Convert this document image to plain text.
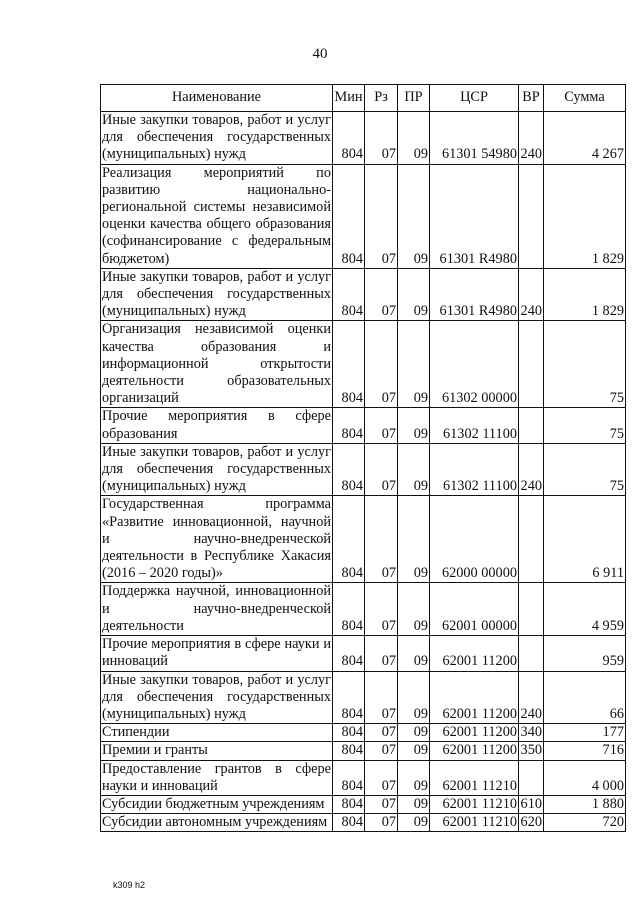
40
Наименование	Мин	Рз	ПР	ЦСР	ВР	Сумма
Иные закупки товаров, работ и услуг для обеспечения государственных (муниципальных) нужд	804	07	09	61301 54980	240	4 267
Реализация мероприятий по развитию национально-региональной системы независимой оценки качества общего образования (софинансирование с федеральным бюджетом)	804	07	09	61301 R4980		1 829
Иные закупки товаров, работ и услуг для обеспечения государственных (муниципальных) нужд	804	07	09	61301 R4980	240	1 829
Организация независимой оценки качества образования и информационной открытости деятельности образовательных организаций	804	07	09	61302 00000		75
Прочие мероприятия в сфере образования	804	07	09	61302 11100		75
Иные закупки товаров, работ и услуг для обеспечения государственных (муниципальных) нужд	804	07	09	61302 11100	240	75
Государственная программа «Развитие инновационной, научной и научно-внедренческой деятельности в Республике Хакасия (2016 – 2020 годы)»	804	07	09	62000 00000		6 911
Поддержка научной, инновационной и научно-внедренческой деятельности	804	07	09	62001 00000		4 959
Прочие мероприятия в сфере науки и инноваций	804	07	09	62001 11200		959
Иные закупки товаров, работ и услуг для обеспечения государственных (муниципальных) нужд	804	07	09	62001 11200	240	66
Стипендии	804	07	09	62001 11200	340	177
Премии и гранты	804	07	09	62001 11200	350	716
Предоставление грантов в сфере науки и инноваций	804	07	09	62001 11210		4 000
Субсидии бюджетным учреждениям	804	07	09	62001 11210	610	1 880
Субсидии автономным учреждениям	804	07	09	62001 11210	620	720
k309 h2
